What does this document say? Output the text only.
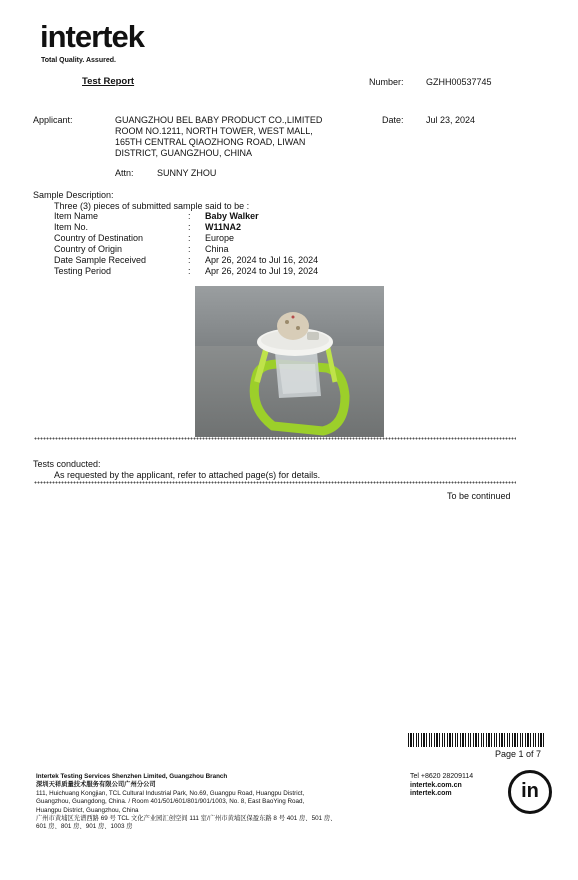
intertek
Total Quality. Assured.
Test Report	Number: GZHH00537745
Applicant:	GUANGZHOU BEL BABY PRODUCT CO.,LIMITED
ROOM NO.1211, NORTH TOWER, WEST MALL,
165TH CENTRAL QIAOZHONG ROAD, LIWAN
DISTRICT, GUANGZHOU, CHINA
Date: Jul 23, 2024
Attn:	SUNNY ZHOU
Sample Description:
Three (3) pieces of submitted sample said to be :
Item Name	: Baby Walker
Item No.	: W11NA2
Country of Destination	: Europe
Country of Origin	: China
Date Sample Received	: Apr 26, 2024 to Jul 16, 2024
Testing Period	: Apr 26, 2024 to Jul 19, 2024
Tests conducted:
As requested by the applicant, refer to attached page(s) for details.
To be continued
Page 1 of 7
Intertek Testing Services Shenzhen Limited, Guangzhou Branch
深圳天祥质量技术服务有限公司广州分公司
111, Huichuang Kongjian, TCL Cultural Industrial Park, No.69, Guangpu Road, Huangpu District,
Guangzhou, Guangdong, China. / Room 401/501/601/801/901/1003, No. 8, East BaoYing Road,
Huangpu District, Guangzhou, China
广州市黄埔区光谱西路 69 号 TCL 文化产业园汇创空间 111 室/广州市黄埔区保盈东路 8 号 401 房、501 房、
601 房、801 房、901 房、1003 房
Tel +8620 28209114
intertek.com.cn
intertek.com	in
